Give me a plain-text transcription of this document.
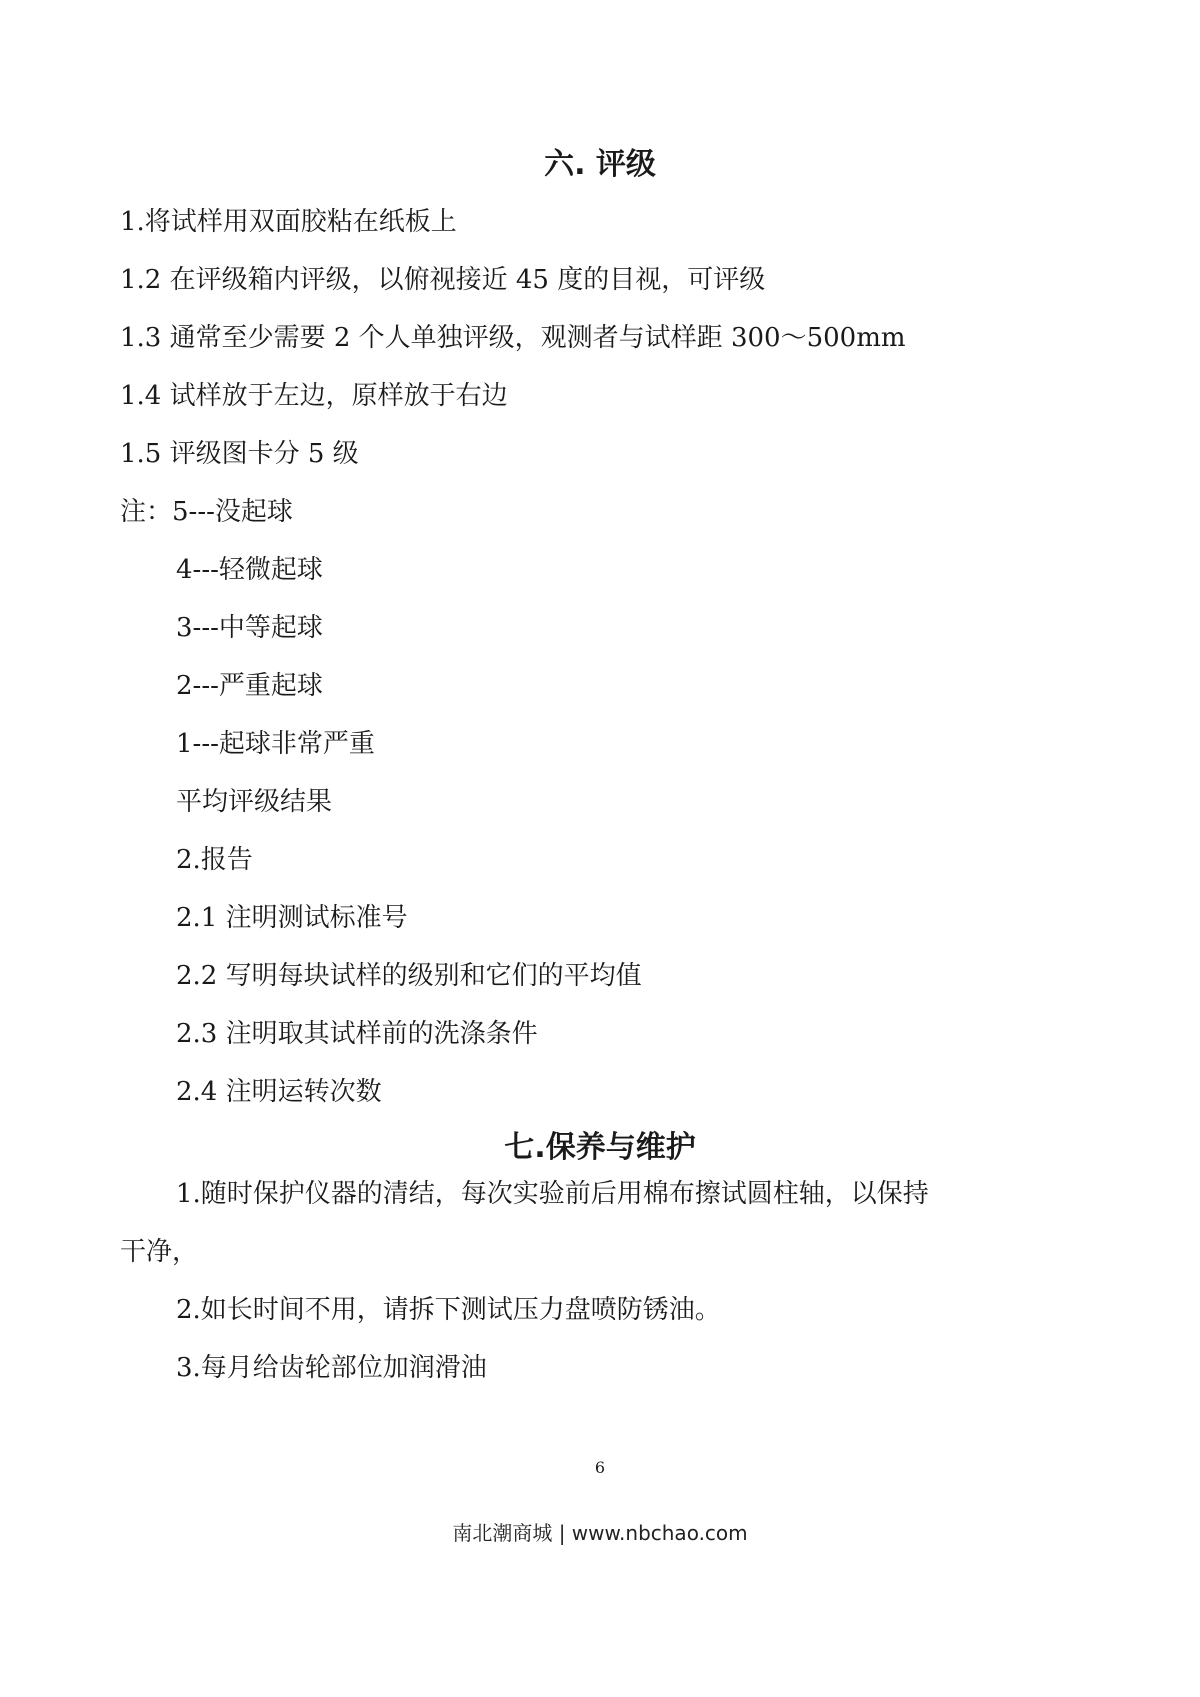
六. 评级
1.将试样用双面胶粘在纸板上
1.2 在评级箱内评级，以俯视接近 45 度的目视，可评级
1.3 通常至少需要 2 个人单独评级，观测者与试样距 300～500mm
1.4 试样放于左边，原样放于右边
1.5 评级图卡分 5 级
注：5---没起球
4---轻微起球
3---中等起球
2---严重起球
1---起球非常严重
平均评级结果
2.报告
2.1 注明测试标准号
2.2 写明每块试样的级别和它们的平均值
2.3 注明取其试样前的洗涤条件
2.4 注明运转次数
七.保养与维护
1.随时保护仪器的清结，每次实验前后用棉布擦试圆柱轴，以保持
干净，
2.如长时间不用，请拆下测试压力盘喷防锈油。
3.每月给齿轮部位加润滑油
6
南北潮商城 | www.nbchao.com
